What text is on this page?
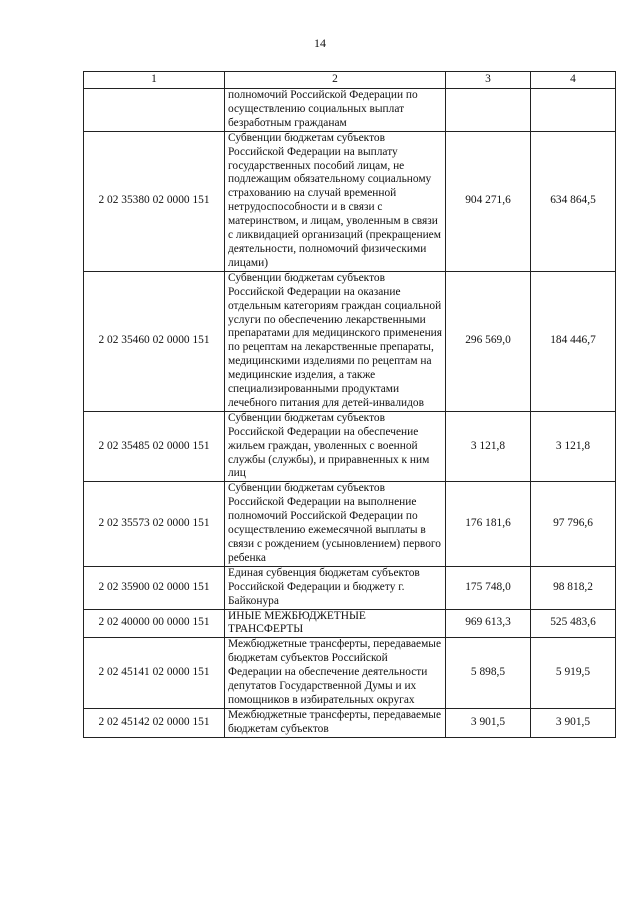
14
1	2	3	4
	полномочий Российской Федерации по осуществлению социальных выплат безработным гражданам		
2 02 35380 02 0000 151	Субвенции бюджетам субъектов Российской Федерации на выплату государственных пособий лицам, не подлежащим обязательному социальному страхованию на случай временной нетрудоспособности и в связи с материнством, и лицам, уволенным в связи с ликвидацией организаций (прекращением деятельности, полномочий физическими лицами)	904 271,6	634 864,5
2 02 35460 02 0000 151	Субвенции бюджетам субъектов Российской Федерации на оказание отдельным категориям граждан социальной услуги по обеспечению лекарственными препаратами для медицинского применения по рецептам на лекарственные препараты, медицинскими изделиями по рецептам на медицинские изделия, а также специализированными продуктами лечебного питания для детей-инвалидов	296 569,0	184 446,7
2 02 35485 02 0000 151	Субвенции бюджетам субъектов Российской Федерации на обеспечение жильем граждан, уволенных с военной службы (службы), и приравненных к ним лиц	3 121,8	3 121,8
2 02 35573 02 0000 151	Субвенции бюджетам субъектов Российской Федерации на выполнение полномочий Российской Федерации по осуществлению ежемесячной выплаты в связи с рождением (усыновлением) первого ребенка	176 181,6	97 796,6
2 02 35900 02 0000 151	Единая субвенция бюджетам субъектов Российской Федерации и бюджету г. Байконура	175 748,0	98 818,2
2 02 40000 00 0000 151	ИНЫЕ МЕЖБЮДЖЕТНЫЕ ТРАНСФЕРТЫ	969 613,3	525 483,6
2 02 45141 02 0000 151	Межбюджетные трансферты, передаваемые бюджетам субъектов Российской Федерации на обеспечение деятельности депутатов Государственной Думы и их помощников в избирательных округах	5 898,5	5 919,5
2 02 45142 02 0000 151	Межбюджетные трансферты, передаваемые бюджетам субъектов	3 901,5	3 901,5
